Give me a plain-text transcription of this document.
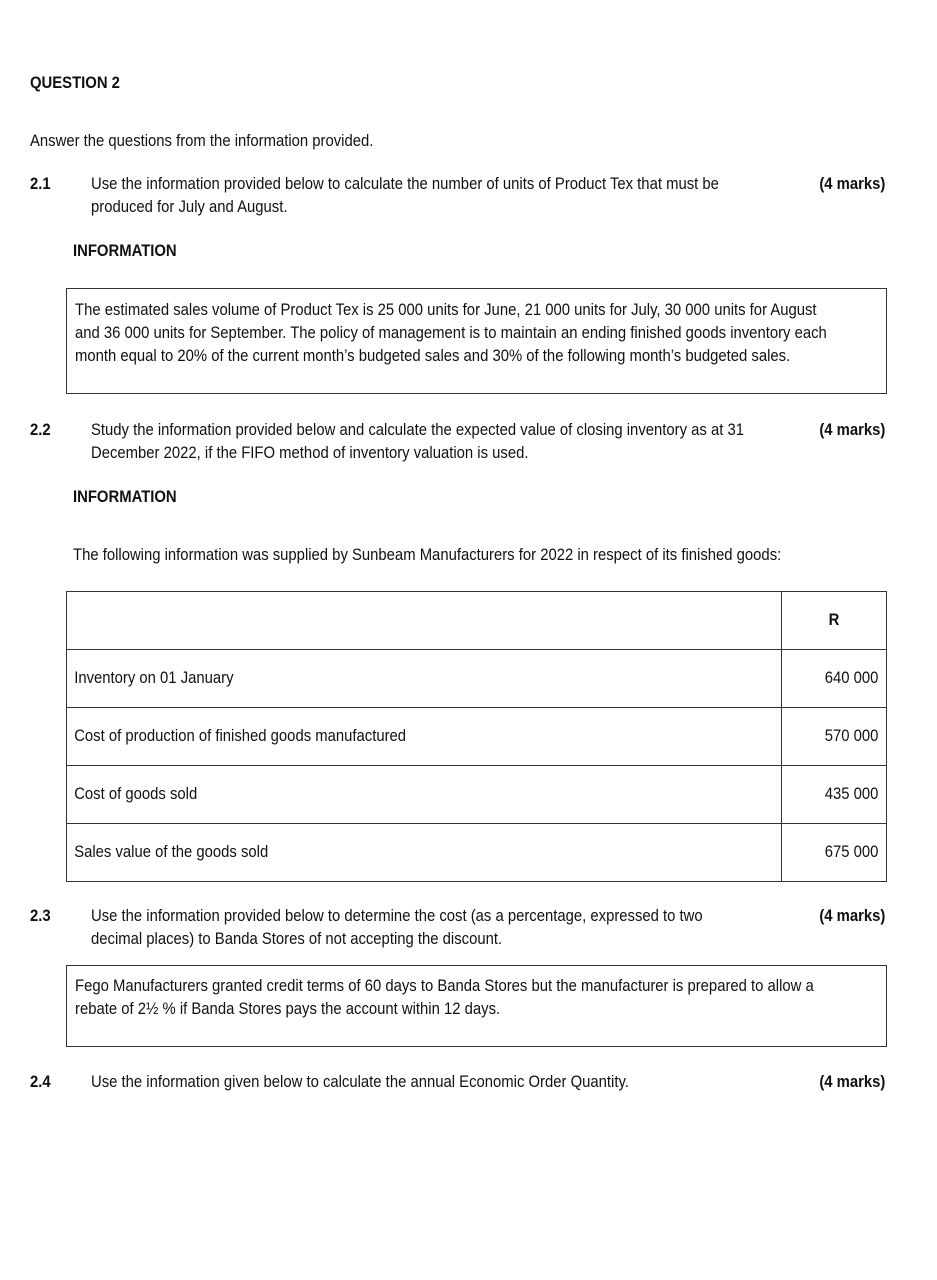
QUESTION 2
Answer the questions from the information provided.
2.1 Use the information provided below to calculate the number of units of Product Tex that must be
produced for July and August.
(4 marks)
INFORMATION
The estimated sales volume of Product Tex is 25 000 units for June, 21 000 units for July, 30 000 units for August
and 36 000 units for September. The policy of management is to maintain an ending finished goods inventory each
month equal to 20% of the current month’s budgeted sales and 30% of the following month’s budgeted sales.
2.2 Study the information provided below and calculate the expected value of closing inventory as at 31
December 2022, if the FIFO method of inventory valuation is used.
(4 marks)
INFORMATION
The following information was supplied by Sunbeam Manufacturers for 2022 in respect of its finished goods:
	R
Inventory on 01 January	640 000
Cost of production of finished goods manufactured	570 000
Cost of goods sold	435 000
Sales value of the goods sold	675 000
2.3 Use the information provided below to determine the cost (as a percentage, expressed to two
decimal places) to Banda Stores of not accepting the discount.
(4 marks)
Fego Manufacturers granted credit terms of 60 days to Banda Stores but the manufacturer is prepared to allow a
rebate of 2½ % if Banda Stores pays the account within 12 days.
2.4 Use the information given below to calculate the annual Economic Order Quantity.	(4 marks)
